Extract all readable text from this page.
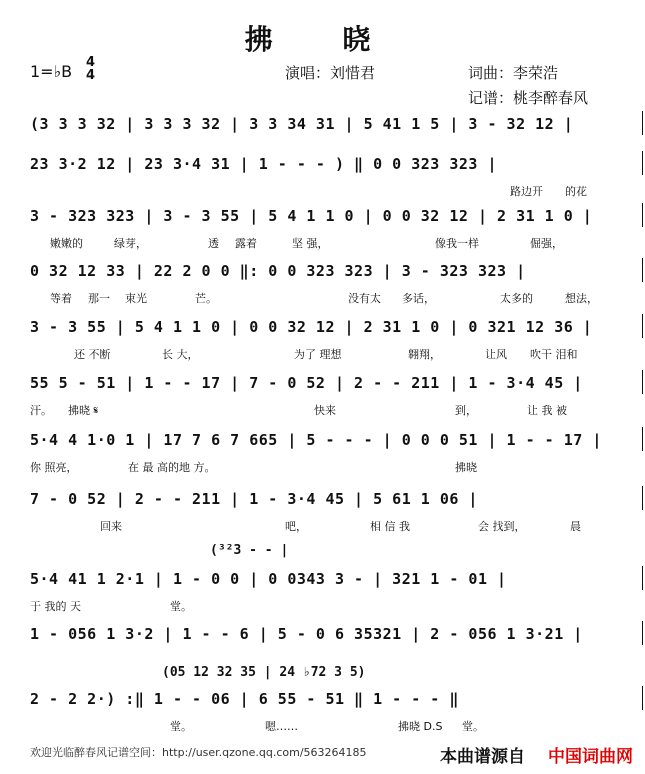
拂 晓
1=♭B 4
4	演唱：刘惜君	词曲：李荣浩
记谱：桃李醉春风
(3 3 3 32 | 3 3 3 32 | 3 3 34 31 | 5 41 1 5 | 3 - 32 12 |
23 3·2 12 | 23 3·4 31 | 1 - - - ) ‖ 0 0 323 323 |
路边开 的花
3 - 323 323 | 3 - 3 55 | 5 4 1 1 0 | 0 0 32 12 | 2 31 1 0 |
嫩嫩的	绿芽，	透 露着	坚 强，	像我一样	倔强，
0 32 12 33 | 22 2 0 0 ‖: 0 0 323 323 | 3 - 323 323 |
等着 那一 束光	芒。	没有太 多话，	太多的	想法，
3 - 3 55 | 5 4 1 1 0 | 0 0 32 12 | 2 31 1 0 | 0 321 12 36 |
还 不断	长 大，	为了 理想	翱翔，	让风 吹干 泪和
55 5 - 51 | 1 - - 17 | 7 - 0 52 | 2 - - 211 | 1 - 3·4 45 |
汗。 拂晓 𝄋	快来	到，	让 我 被
5·4 4 1·0 1 | 17 7 6 7 665 | 5 - - - | 0 0 0 51 | 1 - - 17 |
你 照亮，	在 最 高的地 方。	拂晓
7 - 0 52 | 2 - - 211 | 1 - 3·4 45 | 5 61 1 06 |
回来	吧，	相 信 我	会 找到，	晨
5·4 41 1 2·1 | 1 - 0 0 | 0 0343 3 - | 321 1 - 01 |
于 我的 天	堂。
1 - 056 1 3·2 | 1 - - 6 | 5 - 0 6 35321 | 2 - 056 1 3·21 |
2 - 2 2·) :‖ 1 - - 06 | 6 55 - 51 ‖ 1 - - - ‖
堂。	嗯……	拂晓 D.S 堂。
(³²3 - - |
(05 12 32 35 | 24 ♭72 3 5)
欢迎光临醉春风记谱空间：http://user.qzone.qq.com/563264185	本曲谱源自 中国词曲网
